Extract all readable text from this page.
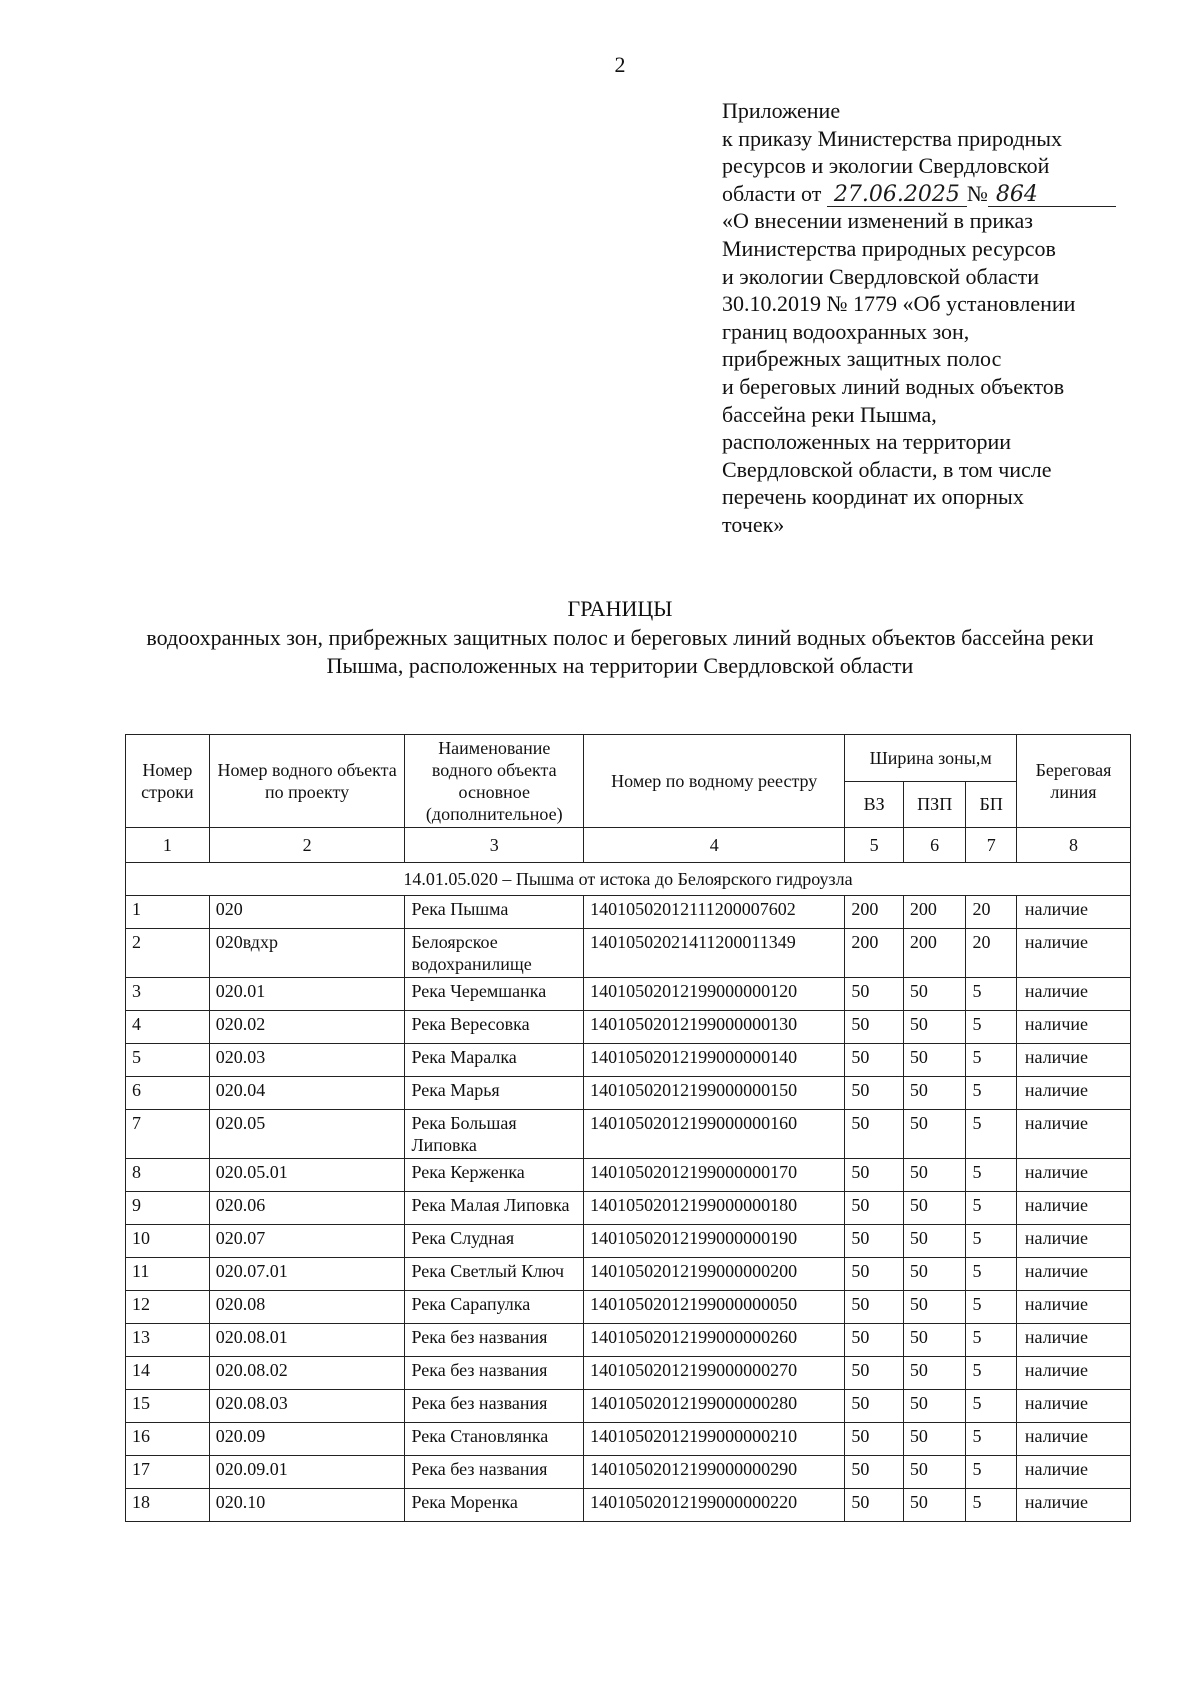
2
Приложение
к приказу Министерства природных
ресурсов и экологии Свердловской
области от 27.06.2025 № 864
«О внесении изменений в приказ
Министерства природных ресурсов
и экологии Свердловской области
30.10.2019 № 1779 «Об установлении
границ водоохранных зон,
прибрежных защитных полос
и береговых линий водных объектов
бассейна реки Пышма,
расположенных на территории
Свердловской области, в том числе
перечень координат их опорных
точек»
ГРАНИЦЫ
водоохранных зон, прибрежных защитных полос и береговых линий водных объектов бассейна реки Пышма, расположенных на территории Свердловской области
Номер строки	Номер водного объекта по проекту	Наименование водного объекта основное (дополнительное)	Номер по водному реестру	Ширина зоны,м			Береговая линия
				ВЗ	ПЗП	БП	
1	2	3	4	5	6	7	8
14.01.05.020 – Пышма от истока до Белоярского гидроузла							
1	020	Река Пышма	14010502012111200007602	200	200	20	наличие
2	020вдхр	Белоярское водохранилище	14010502021411200011349	200	200	20	наличие
3	020.01	Река Черемшанка	14010502012199000000120	50	50	5	наличие
4	020.02	Река Вересовка	14010502012199000000130	50	50	5	наличие
5	020.03	Река Маралка	14010502012199000000140	50	50	5	наличие
6	020.04	Река Марья	14010502012199000000150	50	50	5	наличие
7	020.05	Река Большая Липовка	14010502012199000000160	50	50	5	наличие
8	020.05.01	Река Керженка	14010502012199000000170	50	50	5	наличие
9	020.06	Река Малая Липовка	14010502012199000000180	50	50	5	наличие
10	020.07	Река Слудная	14010502012199000000190	50	50	5	наличие
11	020.07.01	Река Светлый Ключ	14010502012199000000200	50	50	5	наличие
12	020.08	Река Сарапулка	14010502012199000000050	50	50	5	наличие
13	020.08.01	Река без названия	14010502012199000000260	50	50	5	наличие
14	020.08.02	Река без названия	14010502012199000000270	50	50	5	наличие
15	020.08.03	Река без названия	14010502012199000000280	50	50	5	наличие
16	020.09	Река Становлянка	14010502012199000000210	50	50	5	наличие
17	020.09.01	Река без названия	14010502012199000000290	50	50	5	наличие
18	020.10	Река Моренка	14010502012199000000220	50	50	5	наличие
